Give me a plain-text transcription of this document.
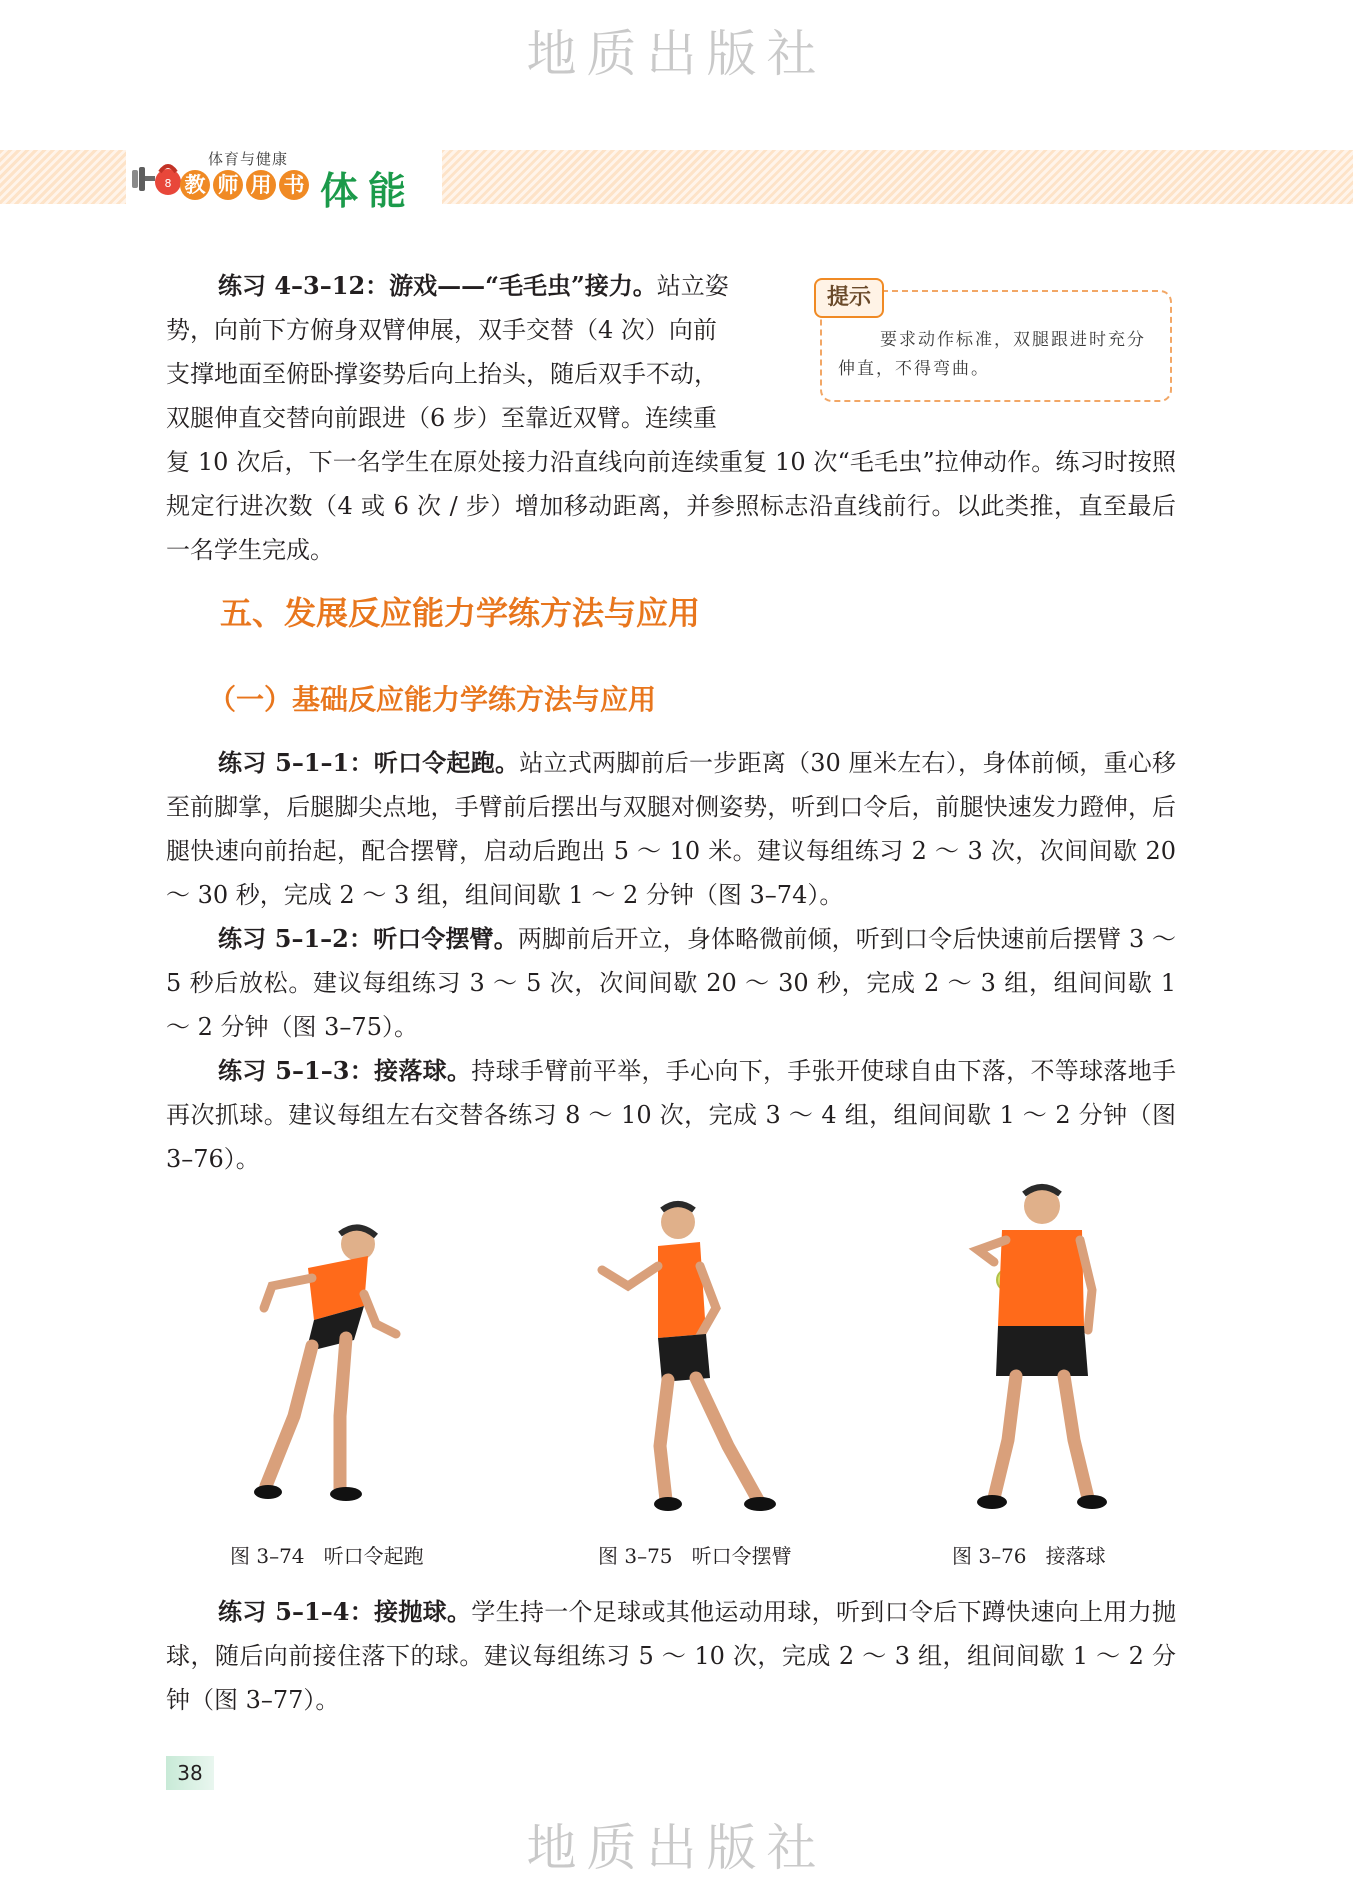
地质出版社
8
体育与健康
教 师 用 书 体能

练习 4–3–12：游戏——“毛毛虫”接力。站立姿

势，向前下方俯身双臂伸展，双手交替（4 次）向前

支撑地面至俯卧撑姿势后向上抬头，随后双手不动，

双腿伸直交替向前跟进（6 步）至靠近双臂。连续重

复 10 次后，下一名学生在原处接力沿直线向前连续重复 10 次“毛毛虫”拉伸动作。练习时按照规定行进次数（4 或 6 次 / 步）增加移动距离，并参照标志沿直线前行。以此类推，直至最后一名学生完成。

提示

要求动作标准，双腿跟进时充分伸直，不得弯曲。

五、发展反应能力学练方法与应用
（一）基础反应能力学练方法与应用

练习 5–1–1：听口令起跑。站立式两脚前后一步距离（30 厘米左右），身体前倾，重心移至前脚掌，后腿脚尖点地，手臂前后摆出与双腿对侧姿势，听到口令后，前腿快速发力蹬伸，后腿快速向前抬起，配合摆臂，启动后跑出 5 ～ 10 米。建议每组练习 2 ～ 3 次，次间间歇 20 ～ 30 秒，完成 2 ～ 3 组，组间间歇 1 ～ 2 分钟（图 3–74）。

练习 5–1–2：听口令摆臂。两脚前后开立，身体略微前倾，听到口令后快速前后摆臂 3 ～ 5 秒后放松。建议每组练习 3 ～ 5 次，次间间歇 20 ～ 30 秒，完成 2 ～ 3 组，组间间歇 1 ～ 2 分钟（图 3–75）。

练习 5–1–3：接落球。持球手臂前平举，手心向下，手张开使球自由下落，不等球落地手再次抓球。建议每组左右交替各练习 8 ～ 10 次，完成 3 ～ 4 组，组间间歇 1 ～ 2 分钟（图 3–76）。

图 3–74   听口令起跑	图 3–75   听口令摆臂	图 3–76   接落球

练习 5–1–4：接抛球。学生持一个足球或其他运动用球，听到口令后下蹲快速向上用力抛球，随后向前接住落下的球。建议每组练习 5 ～ 10 次，完成 2 ～ 3 组，组间间歇 1 ～ 2 分钟（图 3–77）。

38
地质出版社
